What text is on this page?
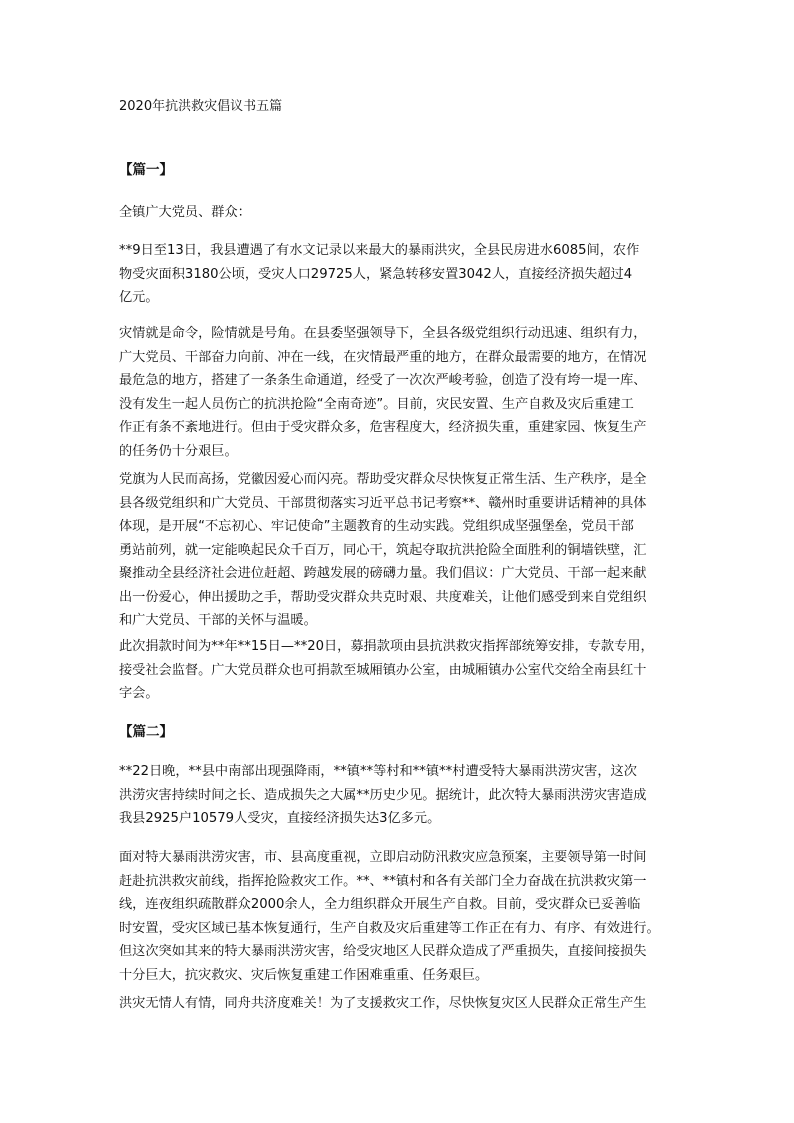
2020年抗洪救灾倡议书五篇
【篇一】

全镇广大党员、群众：

**9日至13日，我县遭遇了有水文记录以来最大的暴雨洪灾，全县民房进水6085间，农作
物受灾面积3180公顷，受灾人口29725人，紧急转移安置3042人，直接经济损失超过4
亿元。

灾情就是命令，险情就是号角。在县委坚强领导下，全县各级党组织行动迅速、组织有力，
广大党员、干部奋力向前、冲在一线，在灾情最严重的地方，在群众最需要的地方，在情况
最危急的地方，搭建了一条条生命通道，经受了一次次严峻考验，创造了没有垮一堤一库、
没有发生一起人员伤亡的抗洪抢险“全南奇迹”。目前，灾民安置、生产自救及灾后重建工
作正有条不紊地进行。但由于受灾群众多，危害程度大，经济损失重，重建家园、恢复生产
的任务仍十分艰巨。

党旗为人民而高扬，党徽因爱心而闪亮。帮助受灾群众尽快恢复正常生活、生产秩序，是全
县各级党组织和广大党员、干部贯彻落实习近平总书记考察**、赣州时重要讲话精神的具体
体现，是开展“不忘初心、牢记使命”主题教育的生动实践。党组织成坚强堡垒，党员干部
勇站前列，就一定能唤起民众千百万，同心干，筑起夺取抗洪抢险全面胜利的铜墙铁壁，汇
聚推动全县经济社会进位赶超、跨越发展的磅礴力量。我们倡议：广大党员、干部一起来献
出一份爱心，伸出援助之手，帮助受灾群众共克时艰、共度难关，让他们感受到来自党组织
和广大党员、干部的关怀与温暖。

此次捐款时间为**年**15日—**20日，募捐款项由县抗洪救灾指挥部统筹安排，专款专用，
接受社会监督。广大党员群众也可捐款至城厢镇办公室，由城厢镇办公室代交给全南县红十
字会。

【篇二】

**22日晚，**县中南部出现强降雨，**镇**等村和**镇**村遭受特大暴雨洪涝灾害，这次
洪涝灾害持续时间之长、造成损失之大属**历史少见。据统计，此次特大暴雨洪涝灾害造成
我县2925户10579人受灾，直接经济损失达3亿多元。

面对特大暴雨洪涝灾害，市、县高度重视，立即启动防汛救灾应急预案，主要领导第一时间
赶赴抗洪救灾前线，指挥抢险救灾工作。**、**镇村和各有关部门全力奋战在抗洪救灾第一
线，连夜组织疏散群众2000余人，全力组织群众开展生产自救。目前，受灾群众已妥善临
时安置，受灾区域已基本恢复通行，生产自救及灾后重建等工作正在有力、有序、有效进行。
但这次突如其来的特大暴雨洪涝灾害，给受灾地区人民群众造成了严重损失，直接间接损失
十分巨大，抗灾救灾、灾后恢复重建工作困难重重、任务艰巨。

洪灾无情人有情，同舟共济度难关！为了支援救灾工作，尽快恢复灾区人民群众正常生产生
